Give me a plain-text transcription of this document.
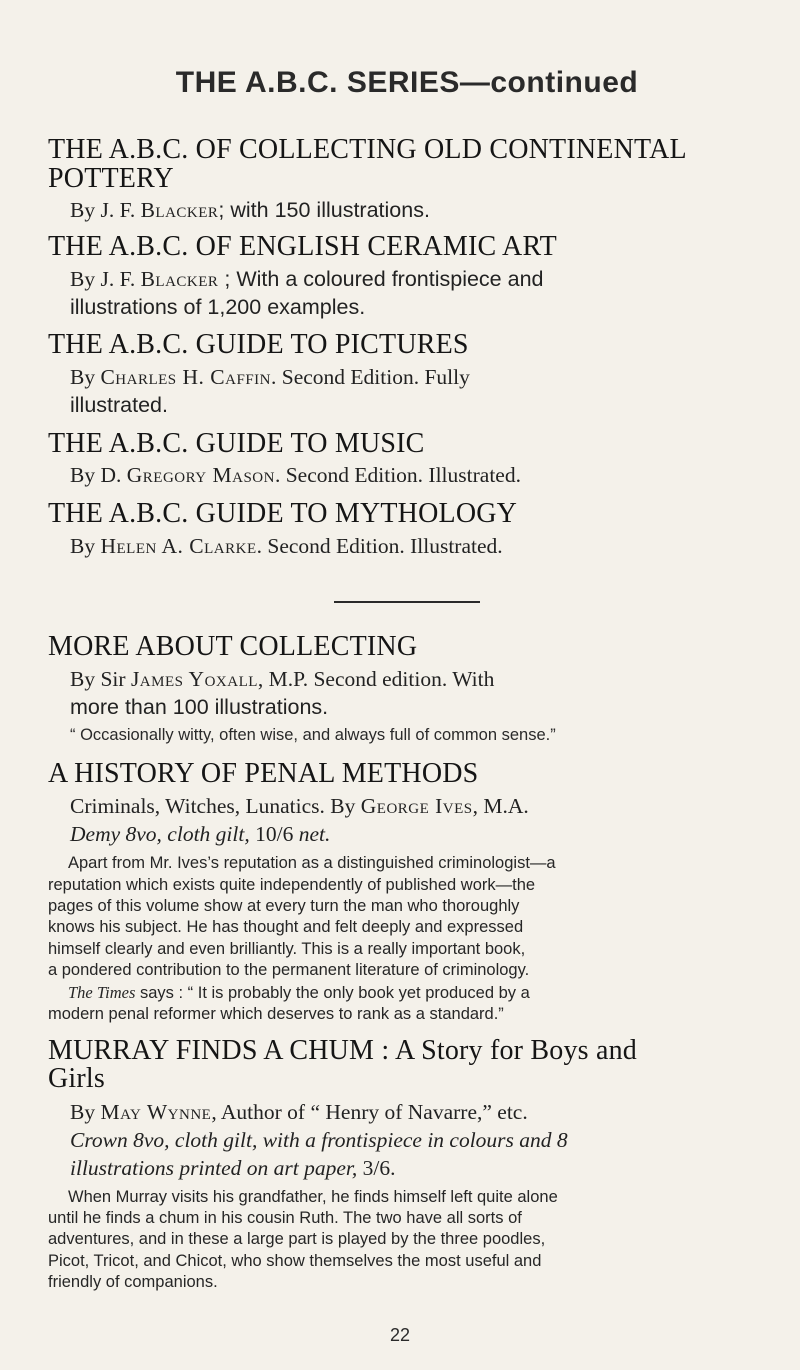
THE A.B.C. SERIES—continued

THE A.B.C. OF COLLECTING OLD CONTINENTAL
POTTERY

By J. F. Blacker; with 150 illustrations.

THE A.B.C. OF ENGLISH CERAMIC ART

By J. F. Blacker ; With a coloured frontispiece and
illustrations of 1,200 examples.

THE A.B.C. GUIDE TO PICTURES

By Charles H. Caffin. Second Edition. Fully
illustrated.

THE A.B.C. GUIDE TO MUSIC

By D. Gregory Mason. Second Edition. Illustrated.

THE A.B.C. GUIDE TO MYTHOLOGY

By Helen A. Clarke. Second Edition. Illustrated.

MORE ABOUT COLLECTING

By Sir James Yoxall, M.P. Second edition. With
more than 100 illustrations.

“ Occasionally witty, often wise, and always full of common sense.”

A HISTORY OF PENAL METHODS

Criminals, Witches, Lunatics. By George Ives, M.A.

Demy 8vo, cloth gilt, 10/6 net.

Apart from Mr. Ives’s reputation as a distinguished criminologist—a

reputation which exists quite independently of published work—the

pages of this volume show at every turn the man who thoroughly

knows his subject. He has thought and felt deeply and expressed

himself clearly and even brilliantly. This is a really important book,

a pondered contribution to the permanent literature of criminology.

The Times says : “ It is probably the only book yet produced by a

modern penal reformer which deserves to rank as a standard.”

MURRAY FINDS A CHUM : A Story for Boys and
Girls

By May Wynne, Author of “ Henry of Navarre,” etc.

Crown 8vo, cloth gilt, with a frontispiece in colours and 8
illustrations printed on art paper, 3/6.

When Murray visits his grandfather, he finds himself left quite alone

until he finds a chum in his cousin Ruth. The two have all sorts of

adventures, and in these a large part is played by the three poodles,

Picot, Tricot, and Chicot, who show themselves the most useful and

friendly of companions.

22
